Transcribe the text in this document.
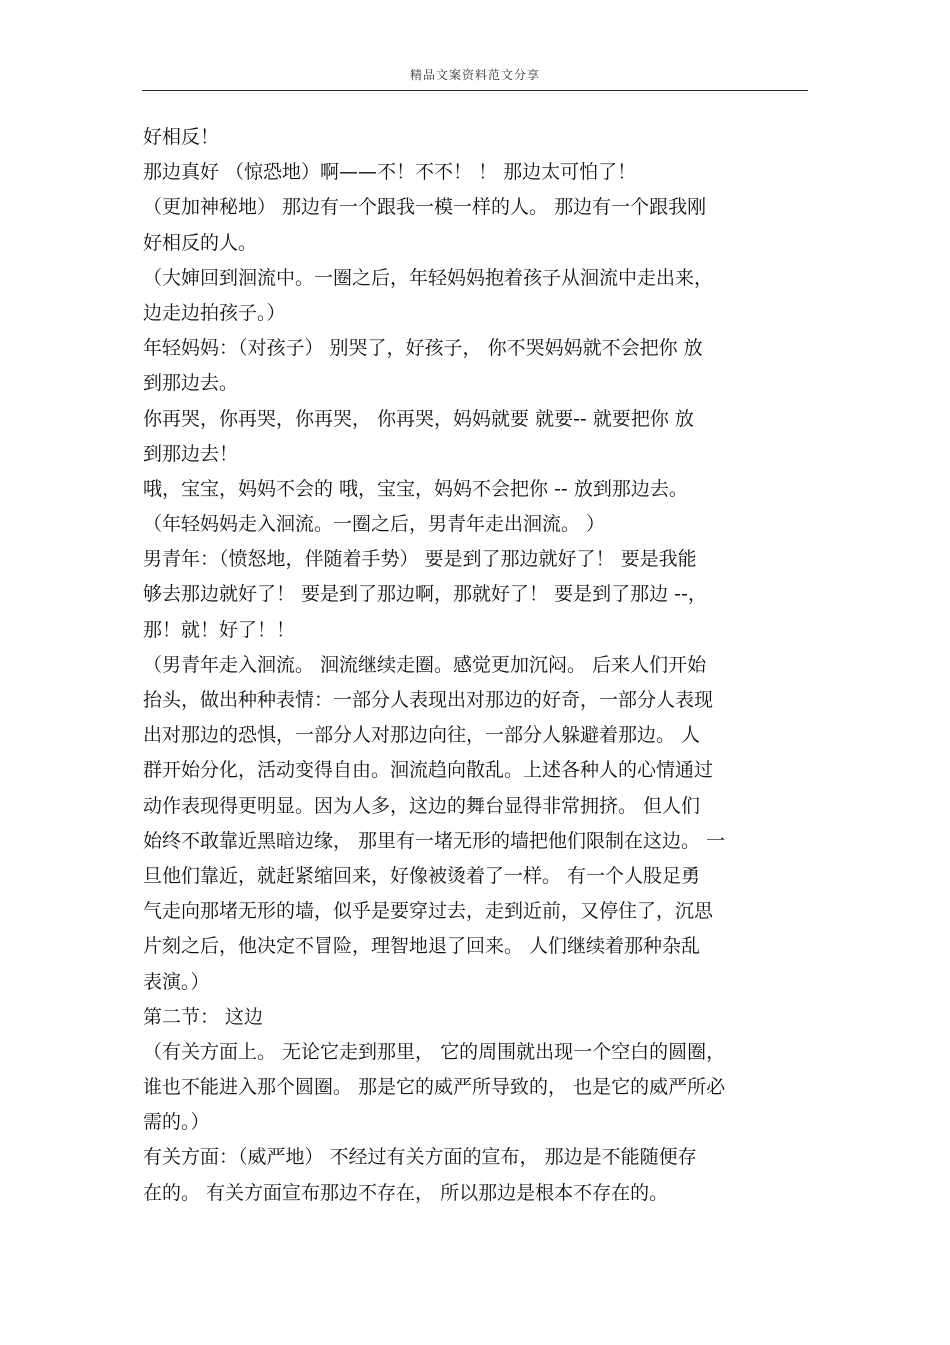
精品文案资料范文分享
好相反！
那边真好 （惊恐地）啊——不！不不！ ！ 那边太可怕了！
（更加神秘地） 那边有一个跟我一模一样的人。 那边有一个跟我刚
好相反的人。
（大婶回到洄流中。一圈之后，年轻妈妈抱着孩子从洄流中走出来，
边走边拍孩子。）
年轻妈妈：（对孩子） 别哭了，好孩子， 你不哭妈妈就不会把你 放
到那边去。
你再哭，你再哭，你再哭， 你再哭，妈妈就要 就要-- 就要把你 放
到那边去！
哦，宝宝，妈妈不会的 哦，宝宝，妈妈不会把你 -- 放到那边去。
（年轻妈妈走入洄流。一圈之后，男青年走出洄流。 ）
男青年：（愤怒地，伴随着手势） 要是到了那边就好了！ 要是我能
够去那边就好了！ 要是到了那边啊，那就好了！ 要是到了那边 --，
那！就！好了！！
（男青年走入洄流。 洄流继续走圈。感觉更加沉闷。 后来人们开始
抬头，做出种种表情：一部分人表现出对那边的好奇，一部分人表现
出对那边的恐惧，一部分人对那边向往，一部分人躲避着那边。 人
群开始分化，活动变得自由。洄流趋向散乱。上述各种人的心情通过
动作表现得更明显。因为人多，这边的舞台显得非常拥挤。 但人们
始终不敢靠近黑暗边缘， 那里有一堵无形的墙把他们限制在这边。 一
旦他们靠近，就赶紧缩回来，好像被烫着了一样。 有一个人股足勇
气走向那堵无形的墙，似乎是要穿过去，走到近前，又停住了，沉思
片刻之后，他决定不冒险，理智地退了回来。 人们继续着那种杂乱
表演。）
第二节： 这边
（有关方面上。 无论它走到那里， 它的周围就出现一个空白的圆圈，
谁也不能进入那个圆圈。 那是它的威严所导致的， 也是它的威严所必
需的。）
有关方面：（威严地） 不经过有关方面的宣布， 那边是不能随便存
在的。 有关方面宣布那边不存在， 所以那边是根本不存在的。
